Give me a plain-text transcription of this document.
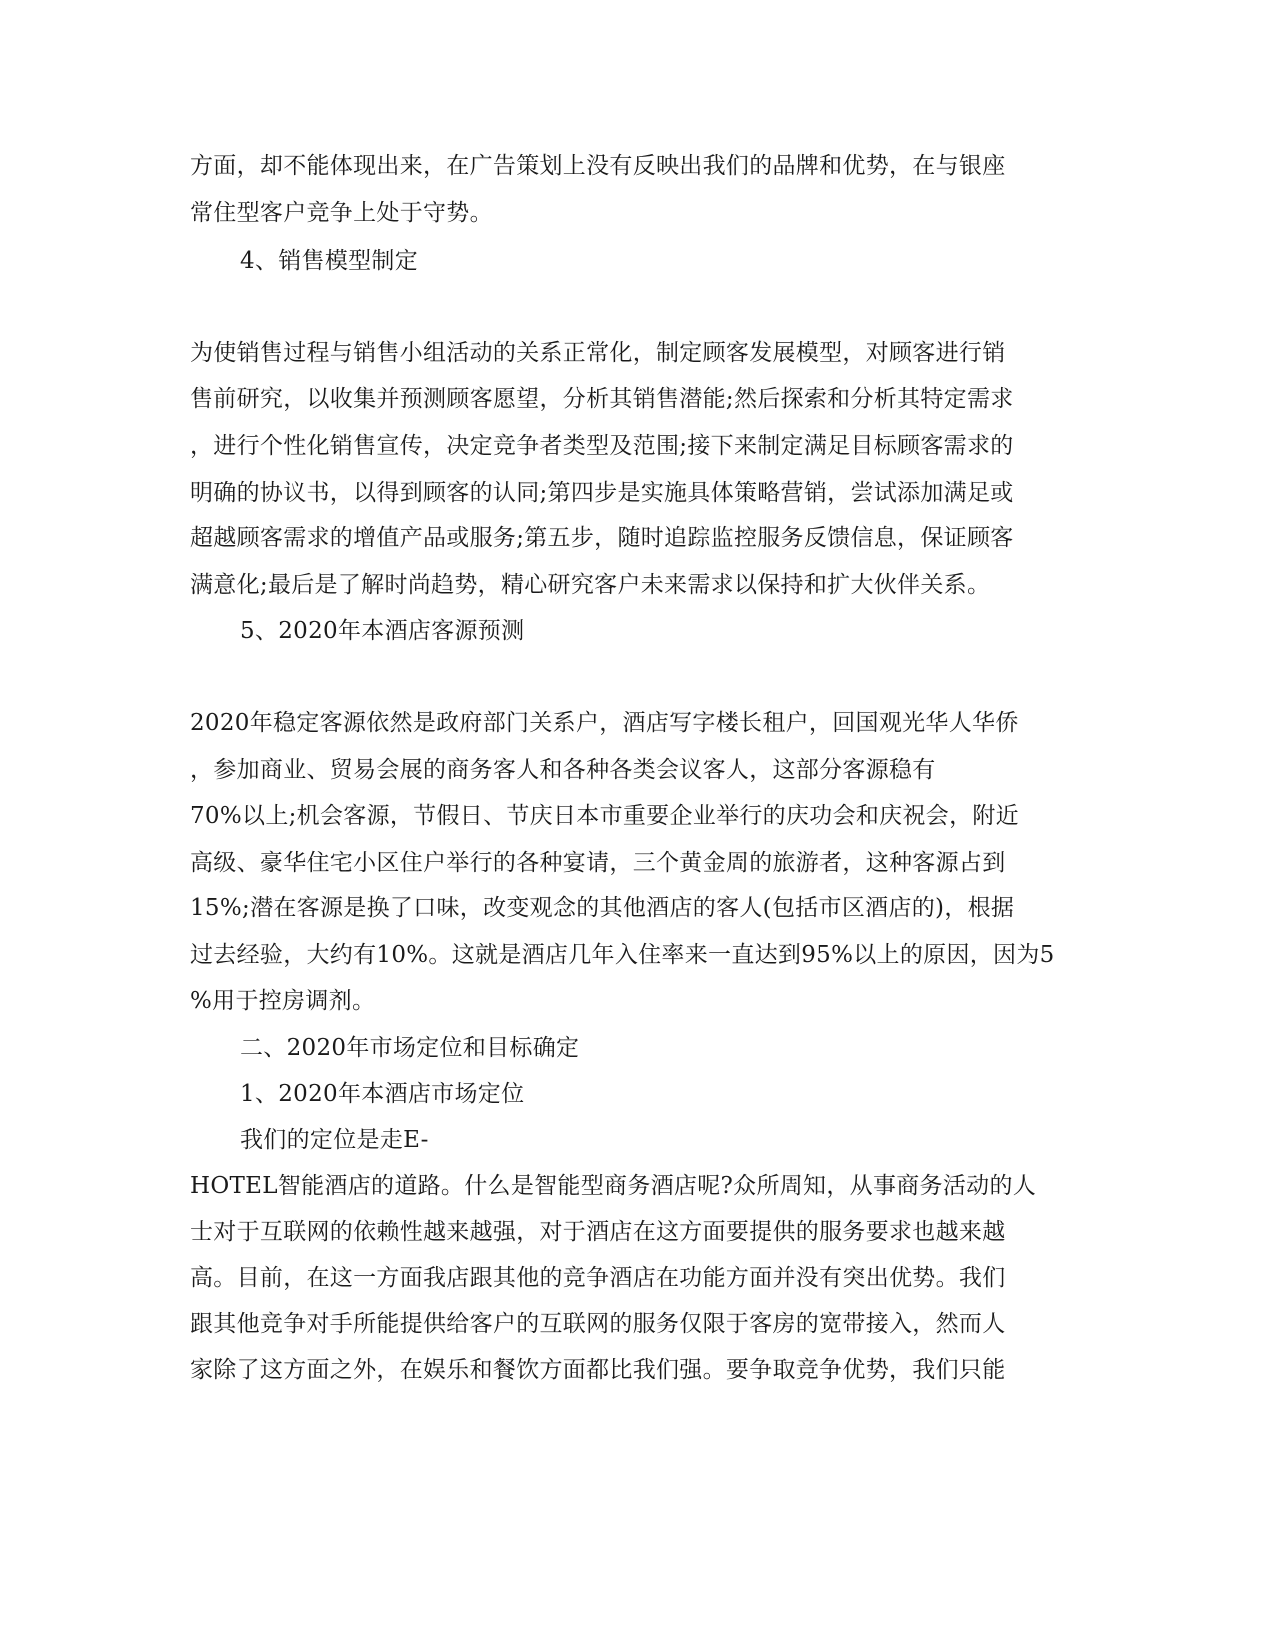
方面，却不能体现出来，在广告策划上没有反映出我们的品牌和优势，在与银座
常住型客户竞争上处于守势。
4、销售模型制定
为使销售过程与销售小组活动的关系正常化，制定顾客发展模型，对顾客进行销
售前研究，以收集并预测顾客愿望，分析其销售潜能;然后探索和分析其特定需求
，进行个性化销售宣传，决定竞争者类型及范围;接下来制定满足目标顾客需求的
明确的协议书，以得到顾客的认同;第四步是实施具体策略营销，尝试添加满足或
超越顾客需求的增值产品或服务;第五步，随时追踪监控服务反馈信息，保证顾客
满意化;最后是了解时尚趋势，精心研究客户未来需求以保持和扩大伙伴关系。
5、2020年本酒店客源预测
2020年稳定客源依然是政府部门关系户，酒店写字楼长租户，回国观光华人华侨
，参加商业、贸易会展的商务客人和各种各类会议客人，这部分客源稳有
70%以上;机会客源，节假日、节庆日本市重要企业举行的庆功会和庆祝会，附近
高级、豪华住宅小区住户举行的各种宴请，三个黄金周的旅游者，这种客源占到
15%;潜在客源是换了口味，改变观念的其他酒店的客人(包括市区酒店的)，根据
过去经验，大约有10%。这就是酒店几年入住率来一直达到95%以上的原因，因为5
%用于控房调剂。
二、2020年市场定位和目标确定
1、2020年本酒店市场定位
我们的定位是走E-
HOTEL智能酒店的道路。什么是智能型商务酒店呢?众所周知，从事商务活动的人
士对于互联网的依赖性越来越强，对于酒店在这方面要提供的服务要求也越来越
高。目前，在这一方面我店跟其他的竞争酒店在功能方面并没有突出优势。我们
跟其他竞争对手所能提供给客户的互联网的服务仅限于客房的宽带接入，然而人
家除了这方面之外，在娱乐和餐饮方面都比我们强。要争取竞争优势，我们只能
